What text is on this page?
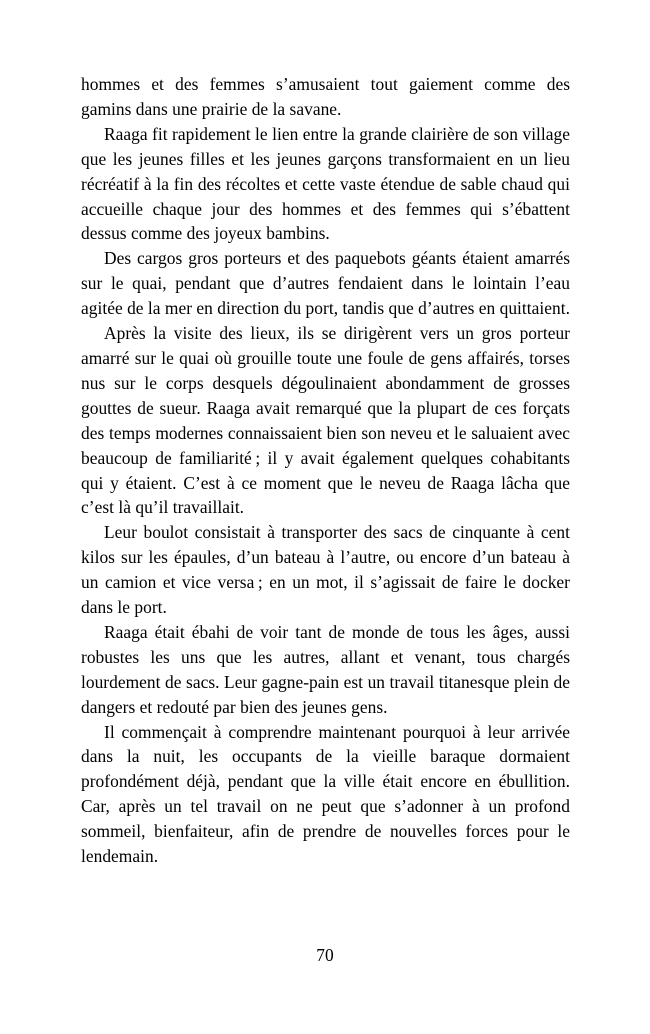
hommes et des femmes s’amusaient tout gaiement comme des gamins dans une prairie de la savane.

Raaga fit rapidement le lien entre la grande clairière de son village que les jeunes filles et les jeunes garçons transformaient en un lieu récréatif à la fin des récoltes et cette vaste étendue de sable chaud qui accueille chaque jour des hommes et des femmes qui s’ébattent dessus comme des joyeux bambins.

Des cargos gros porteurs et des paquebots géants étaient amarrés sur le quai, pendant que d’autres fendaient dans le lointain l’eau agitée de la mer en direction du port, tandis que d’autres en quittaient.

Après la visite des lieux, ils se dirigèrent vers un gros porteur amarré sur le quai où grouille toute une foule de gens affairés, torses nus sur le corps desquels dégoulinaient abondamment de grosses gouttes de sueur. Raaga avait remarqué que la plupart de ces forçats des temps modernes connaissaient bien son neveu et le saluaient avec beaucoup de familiarité ; il y avait également quelques cohabitants qui y étaient. C’est à ce moment que le neveu de Raaga lâcha que c’est là qu’il travaillait.

Leur boulot consistait à transporter des sacs de cinquante à cent kilos sur les épaules, d’un bateau à l’autre, ou encore d’un bateau à un camion et vice versa ; en un mot, il s’agissait de faire le docker dans le port.

Raaga était ébahi de voir tant de monde de tous les âges, aussi robustes les uns que les autres, allant et venant, tous chargés lourdement de sacs. Leur gagne-pain est un travail titanesque plein de dangers et redouté par bien des jeunes gens.

Il commençait à comprendre maintenant pourquoi à leur arrivée dans la nuit, les occupants de la vieille baraque dormaient profondément déjà, pendant que la ville était encore en ébullition. Car, après un tel travail on ne peut que s’adonner à un profond sommeil, bienfaiteur, afin de prendre de nouvelles forces pour le lendemain.

70
